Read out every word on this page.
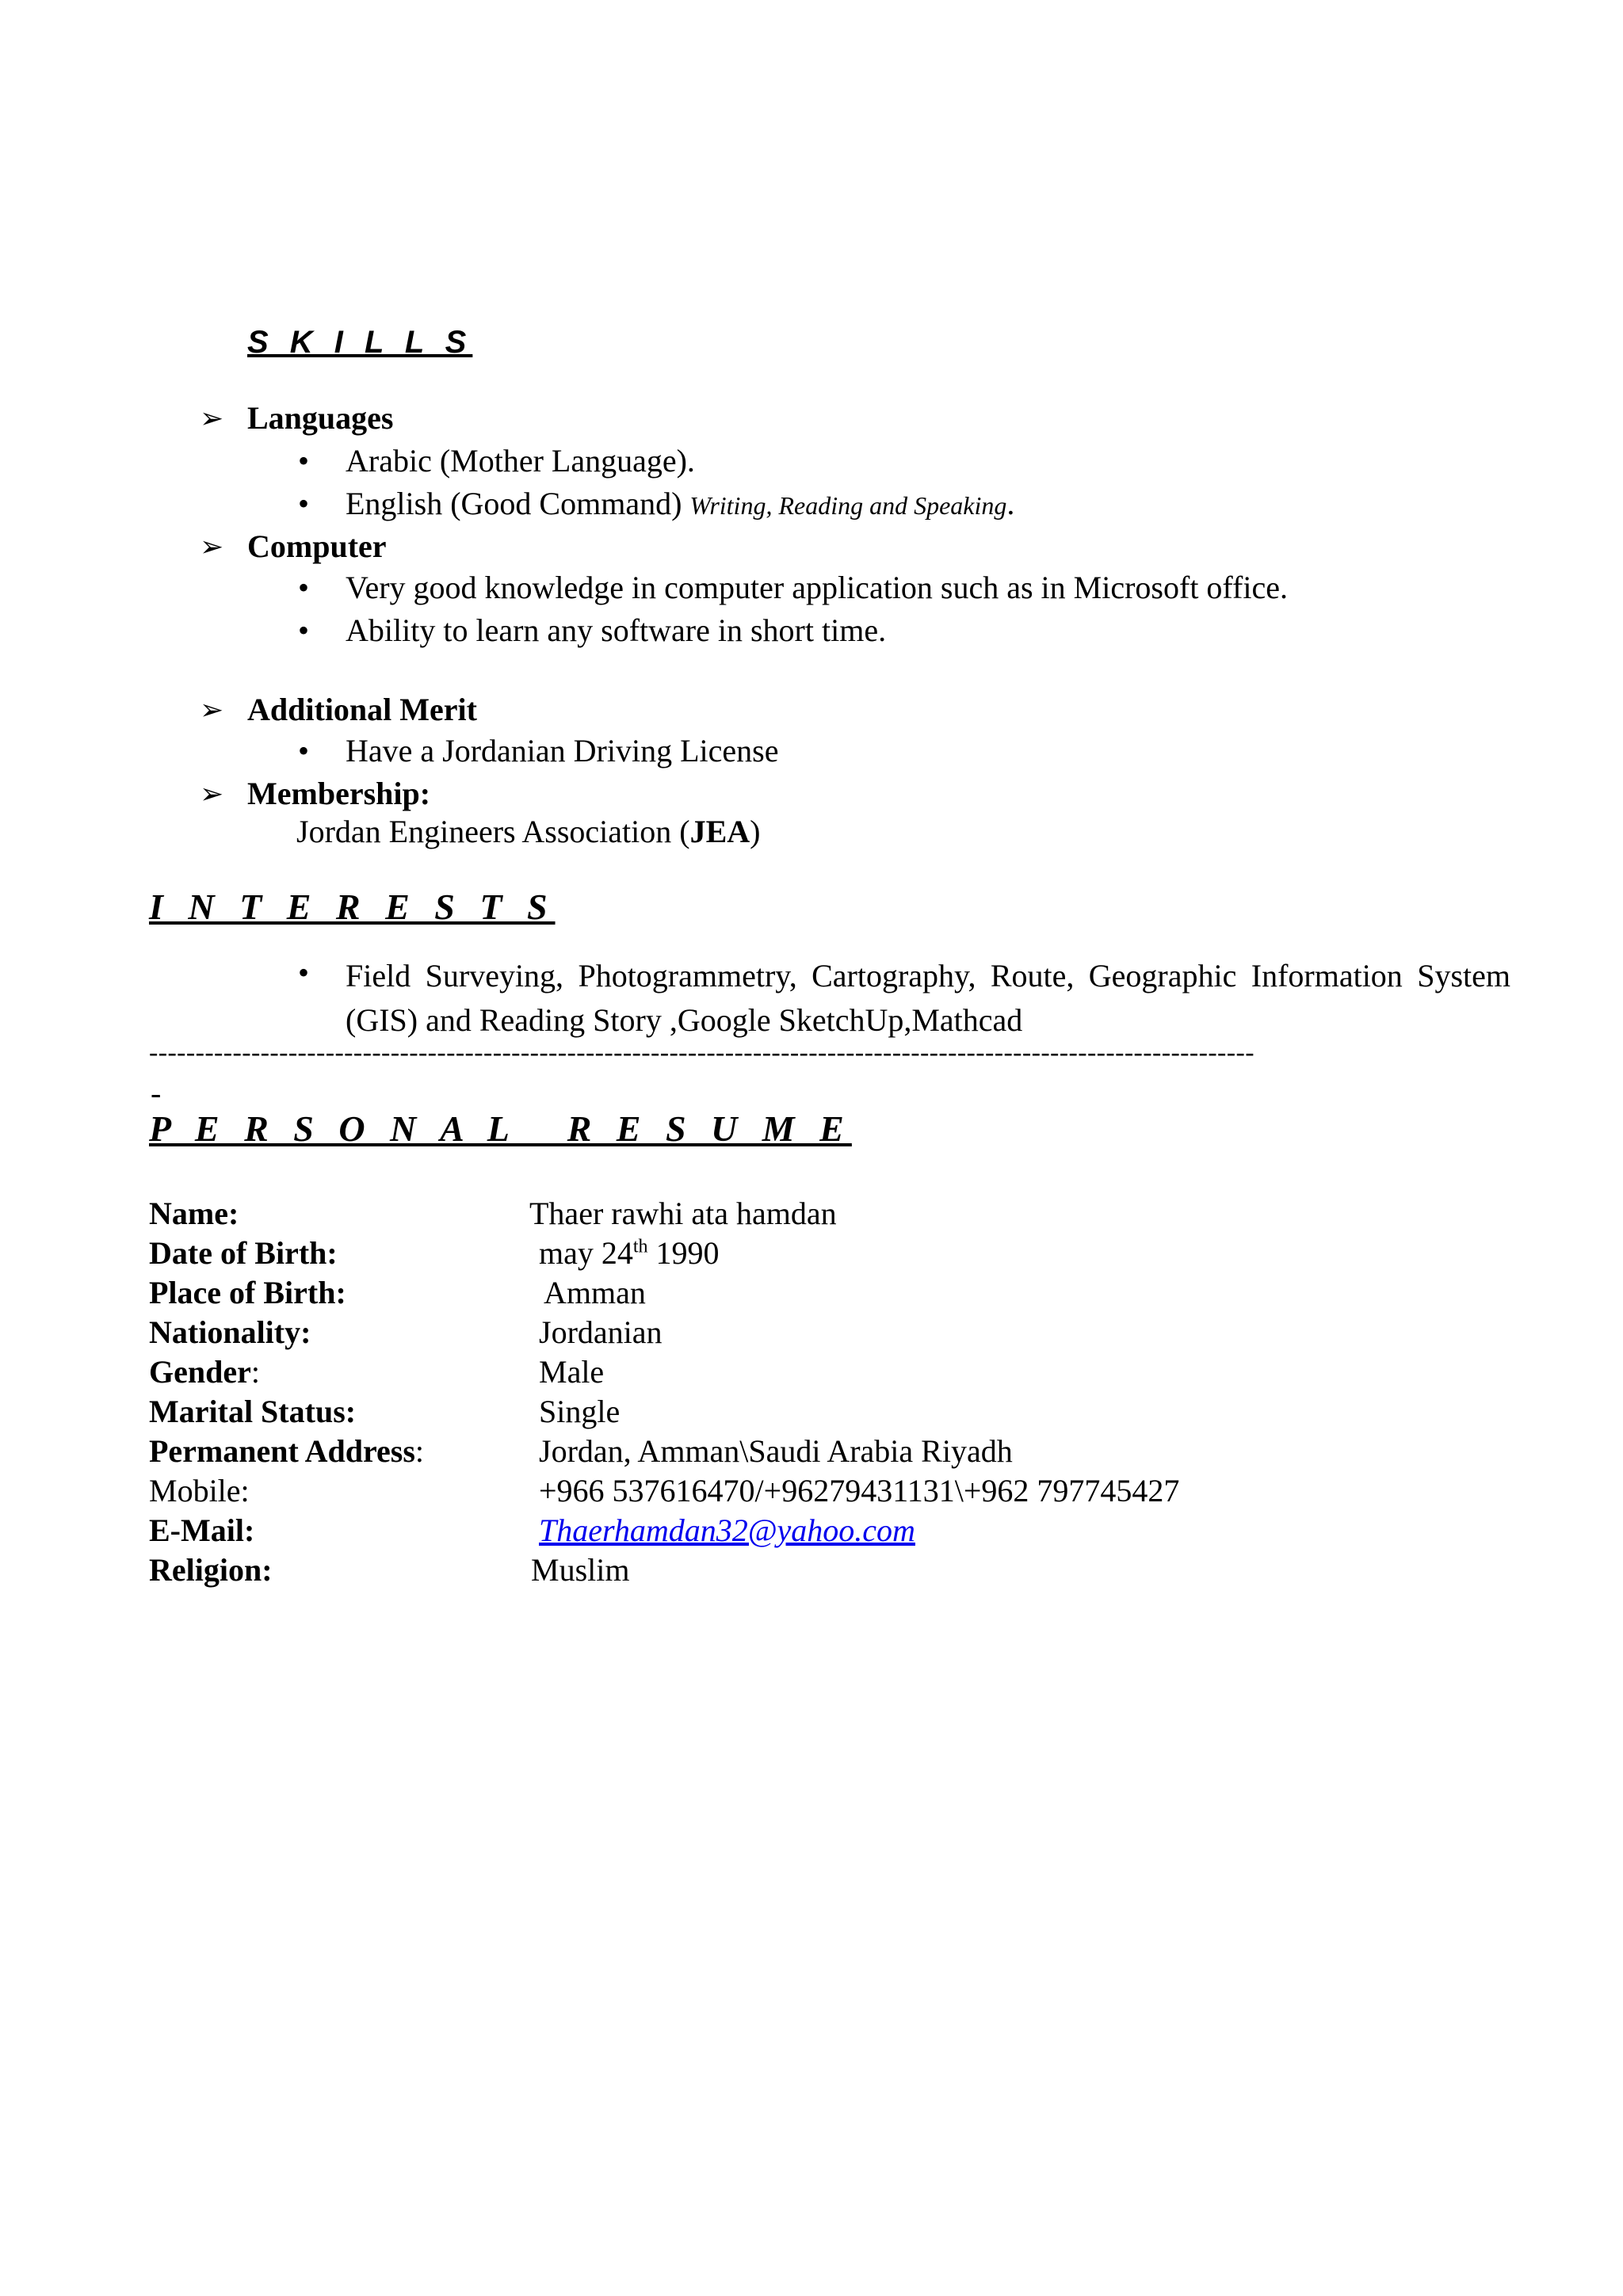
S K I L L S
➢ Languages
• Arabic (Mother Language).
• English (Good Command) Writing, Reading and Speaking.
➢ Computer
• Very good knowledge in computer application such as in Microsoft office.
• Ability to learn any software in short time.
➢ Additional Merit
• Have a Jordanian Driving License
➢ Membership:
Jordan Engineers Association (JEA)
I N T E R E S T S
• Field Surveying, Photogrammetry, Cartography, Route, Geographic Information System (GIS) and Reading Story ,Google SketchUp,Mathcad
-----------------------------------------------------------------------------------------------------------------------
-
P E R S O N A L   R E S U M E
Name:	Thaer rawhi ata hamdan
Date of Birth:	may 24th 1990
Place of Birth:	Amman
Nationality:	Jordanian
Gender:	Male
Marital Status:	Single
Permanent Address:	Jordan, Amman\Saudi Arabia Riyadh
Mobile:	+966 537616470/+96279431131\+962 797745427
E-Mail:	Thaerhamdan32@yahoo.com
Religion:	Muslim
